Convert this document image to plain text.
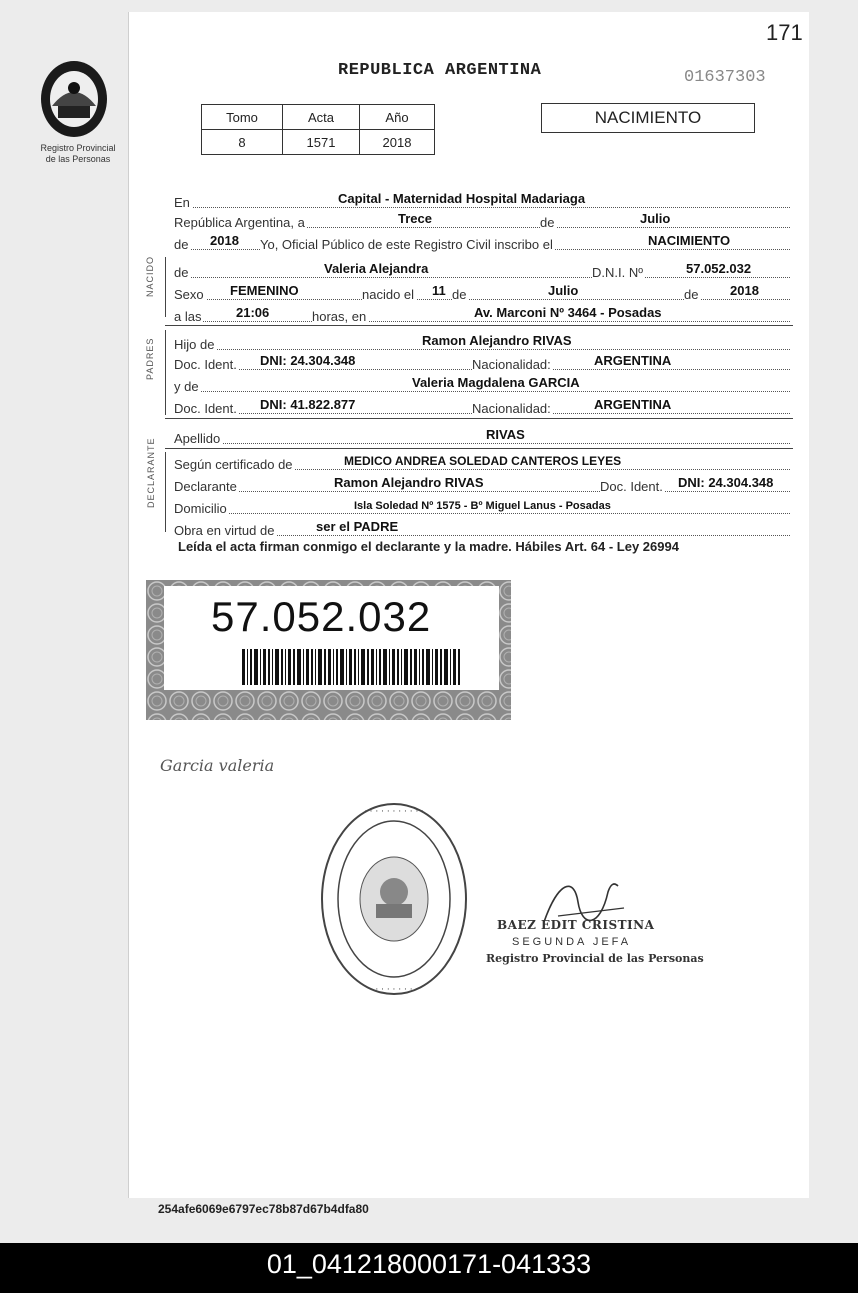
171
Registro Provincial
de las Personas
REPUBLICA ARGENTINA	01637303
Tomo	Acta	Año
8	1571	2018
NACIMIENTO
En	Capital - Maternidad Hospital Madariaga
República Argentina, a	Trece	de	Julio
de 2018 Yo, Oficial Público de este Registro Civil inscribo el	NACIMIENTO
NACIDO de	Valeria Alejandra	D.N.I. Nº	57.052.032
Sexo FEMENINO	nacido el 11 de	Julio	de 2018
a las	21:06	horas, en	Av. Marconi Nº 3464 - Posadas
Hijo de	Ramon Alejandro RIVAS
Doc. Ident. DNI: 24.304.348	Nacionalidad:	ARGENTINA
y de	Valeria Magdalena GARCIA
Doc. Ident. DNI: 41.822.877	Nacionalidad:	ARGENTINA
Apellido	RIVAS
Según certificado de	MEDICO ANDREA SOLEDAD CANTEROS LEYES
Declarante	Ramon Alejandro RIVAS	Doc. Ident. DNI: 24.304.348
Domicilio	Isla Soledad Nº 1575 - Bº Miguel Lanus - Posadas
Obra en virtud de	ser el PADRE
Leída el acta firman conmigo el declarante y la madre. Hábiles Art. 64 - Ley 26994
57.052.032
Garcia valeria
· · · · · · · · · · ·
· · · · · · · · ·
BAEZ EDIT CRISTINA
SEGUNDA JEFA
Registro Provincial de las Personas
254afe6069e6797ec78b87d67b4dfa80
01_041218000171-041333
